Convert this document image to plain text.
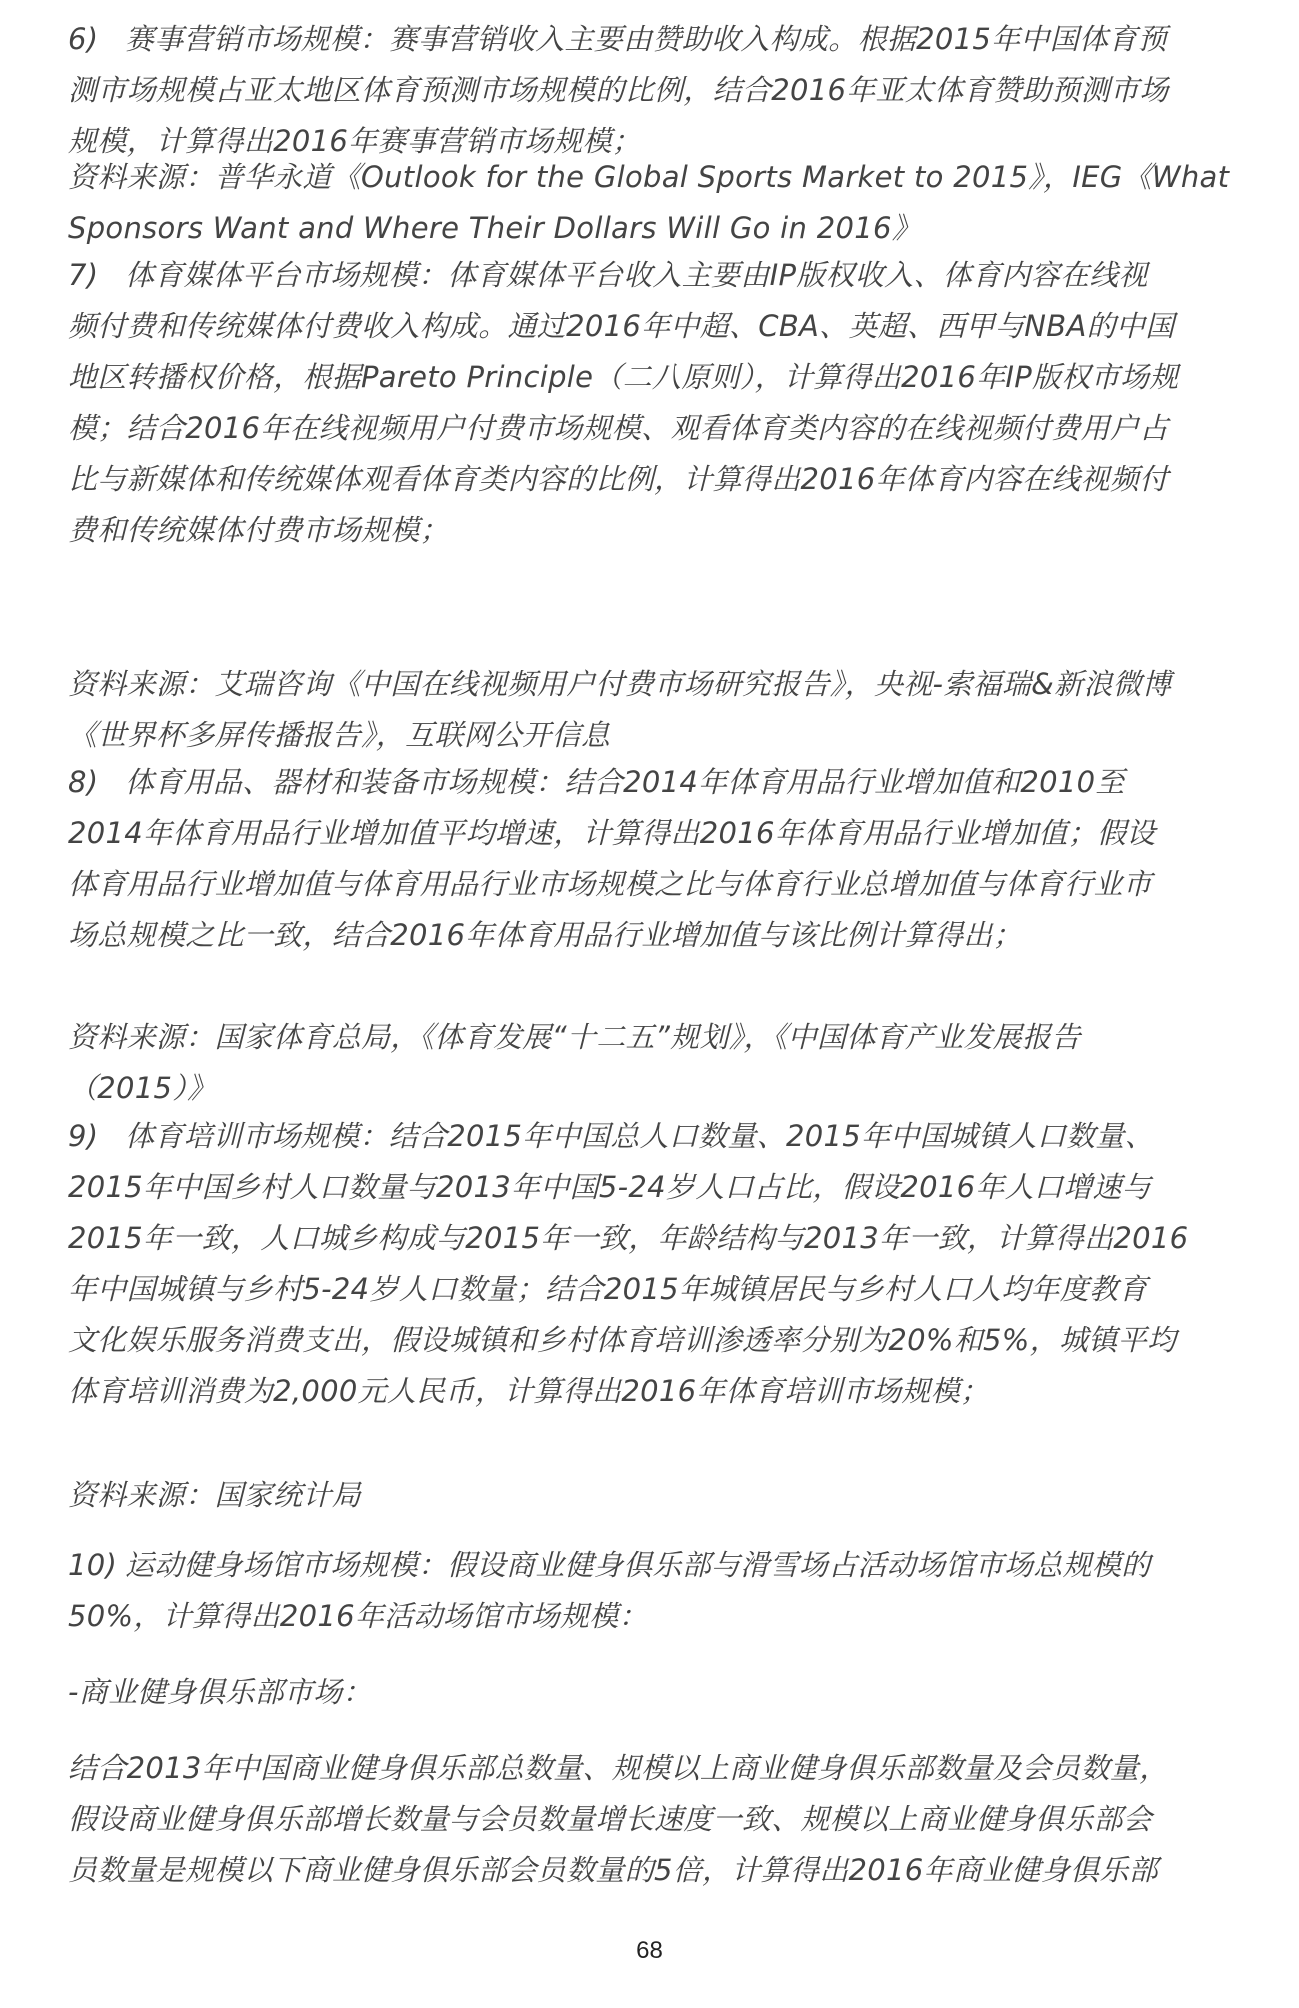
6) 赛事营销市场规模：赛事营销收入主要由赞助收入构成。根据2015年中国体育预
测市场规模占亚太地区体育预测市场规模的比例，结合2016年亚太体育赞助预测市场
规模，计算得出2016年赛事营销市场规模；
资料来源：普华永道《Outlook for the Global Sports Market to 2015》，IEG《What
Sponsors Want and Where Their Dollars Will Go in 2016》
7) 体育媒体平台市场规模：体育媒体平台收入主要由IP版权收入、体育内容在线视
频付费和传统媒体付费收入构成。通过2016年中超、CBA、英超、西甲与NBA的中国
地区转播权价格，根据Pareto Principle（二八原则），计算得出2016年IP版权市场规
模；结合2016年在线视频用户付费市场规模、观看体育类内容的在线视频付费用户占
比与新媒体和传统媒体观看体育类内容的比例，计算得出2016年体育内容在线视频付
费和传统媒体付费市场规模；
资料来源：艾瑞咨询《中国在线视频用户付费市场研究报告》，央视-索福瑞&新浪微博
《世界杯多屏传播报告》，互联网公开信息
8) 体育用品、器材和装备市场规模：结合2014年体育用品行业增加值和2010至
2014年体育用品行业增加值平均增速，计算得出2016年体育用品行业增加值；假设
体育用品行业增加值与体育用品行业市场规模之比与体育行业总增加值与体育行业市
场总规模之比一致，结合2016年体育用品行业增加值与该比例计算得出；
资料来源：国家体育总局，《体育发展“十二五”规划》，《中国体育产业发展报告
（2015）》
9) 体育培训市场规模：结合2015年中国总人口数量、2015年中国城镇人口数量、
2015年中国乡村人口数量与2013年中国5-24岁人口占比，假设2016年人口增速与
2015年一致，人口城乡构成与2015年一致，年龄结构与2013年一致，计算得出2016
年中国城镇与乡村5-24岁人口数量；结合2015年城镇居民与乡村人口人均年度教育
文化娱乐服务消费支出，假设城镇和乡村体育培训渗透率分别为20%和5%，城镇平均
体育培训消费为2,000元人民币，计算得出2016年体育培训市场规模；
资料来源：国家统计局
10) 运动健身场馆市场规模：假设商业健身俱乐部与滑雪场占活动场馆市场总规模的
50%，计算得出2016年活动场馆市场规模：
-商业健身俱乐部市场：
结合2013年中国商业健身俱乐部总数量、规模以上商业健身俱乐部数量及会员数量，
假设商业健身俱乐部增长数量与会员数量增长速度一致、规模以上商业健身俱乐部会
员数量是规模以下商业健身俱乐部会员数量的5倍，计算得出2016年商业健身俱乐部
68
